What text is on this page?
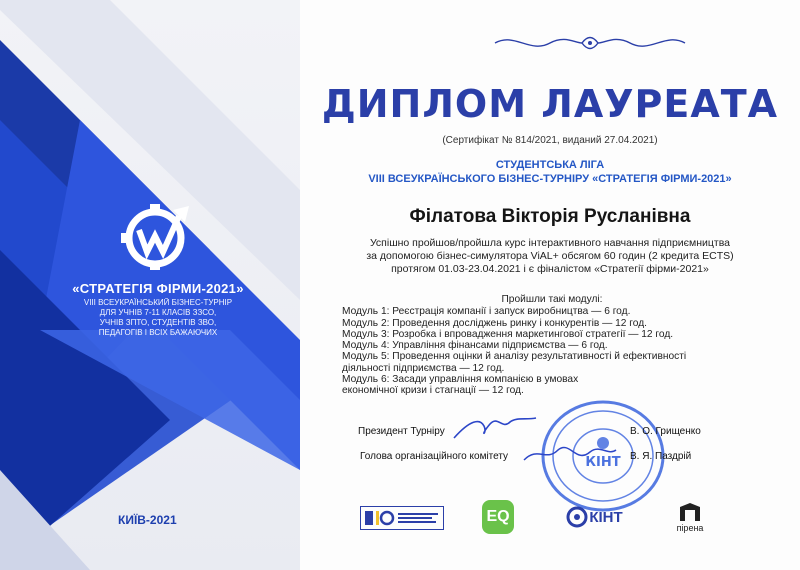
«СТРАТЕГІЯ ФІРМИ-2021»
VIII ВСЕУКРАЇНСЬКИЙ БІЗНЕС-ТУРНІР
ДЛЯ УЧНІВ 7-11 КЛАСІВ ЗЗСО,
УЧНІВ ЗПТО, СТУДЕНТІВ ЗВО,
ПЕДАГОГІВ І ВСІХ БАЖАЮЧИХ
КИЇВ-2021
ДИПЛОМ ЛАУРЕАТА
(Сертифікат № 814/2021, виданий 27.04.2021)
СТУДЕНТСЬКА ЛІГА
VIII ВСЕУКРАЇНСЬКОГО БІЗНЕС-ТУРНІРУ «СТРАТЕГІЯ ФІРМИ-2021»
Філатова Вікторія Русланівна
Успішно пройшов/пройшла курс інтерактивного навчання підприємництва
за допомогою бізнес-симулятора ViAL+ обсягом 60 годин (2 кредита ECTS)
протягом 01.03-23.04.2021 і є фіналістом «Стратегії фірми-2021»
Пройшли такі модулі:
Модуль 1: Реєстрація компанії і запуск виробництва — 6 год.
Модуль 2: Проведення досліджень ринку і конкурентів — 12 год.
Модуль 3: Розробка і впровадження маркетингової стратегії — 12 год.
Модуль 4: Управління фінансами підприємства — 6 год.
Модуль 5: Проведення оцінки й аналізу результативності й ефективності
діяльності підприємства — 12 год.
Модуль 6: Засади управління компанією в умовах
економічної кризи і стагнації — 12 год.
КІНТ
Президент Турніру	В. О. Грищенко
Голова організаційного комітету	В. Я. Паздрій
EQ	КІНТ
пірена
